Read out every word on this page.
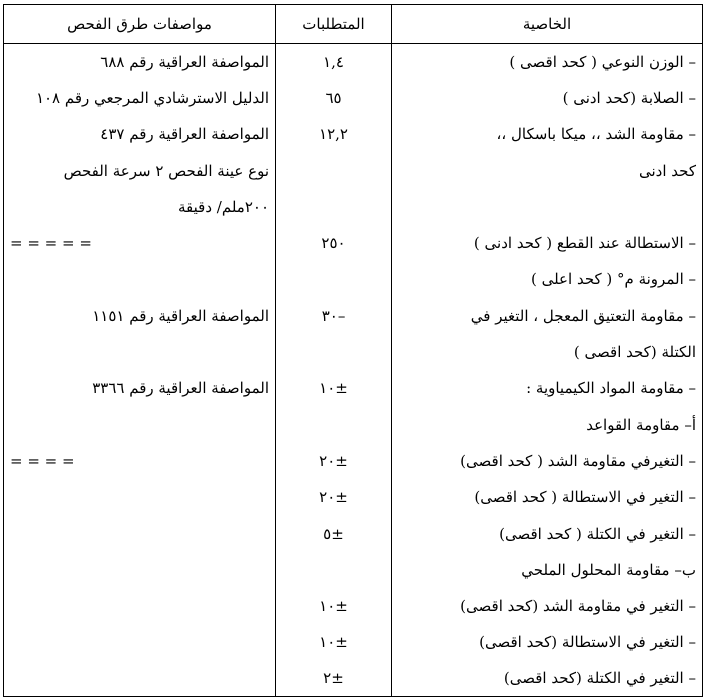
الخاصية	المتطلبات	مواصفات طرق الفحص
– الوزن النوعي ( كحد اقصى )	١,٤	المواصفة العراقية رقم ٦٨٨
– الصلابة (كحد ادنى )	٦٥	الدليل الاسترشادي المرجعي رقم ١٠٨
– مقاومة الشد ،، ميكا باسكال ،،	١٢,٢	المواصفة العراقية رقم ٤٣٧
كحد ادنى		نوع عينة الفحص ٢ سرعة الفحص
		٢٠٠ملم/ دقيقة
– الاستطالة عند القطع ( كحد ادنى )	٢٥٠	= = = = =
– المرونة م° ( كحد اعلى )		
– مقاومة التعتيق المعجل ، التغير في	–٣٠	المواصفة العراقية رقم ١١٥١
الكتلة (كحد اقصى )		
– مقاومة المواد الكيمياوية :	±١٠	المواصفة العراقية رقم ٣٣٦٦
أ– مقاومة القواعد		
– التغيرفي مقاومة الشد ( كحد اقصى)	±٢٠	= = = =
– التغير في الاستطالة ( كحد اقصى)	±٢٠	
– التغير في الكتلة ( كحد اقصى)	±٥	
ب– مقاومة المحلول الملحي		
– التغير في مقاومة الشد (كحد اقصى)	±١٠	
– التغير في الاستطالة (كحد اقصى)	±١٠	
– التغير في الكتلة (كحد اقصى)	±٢	
